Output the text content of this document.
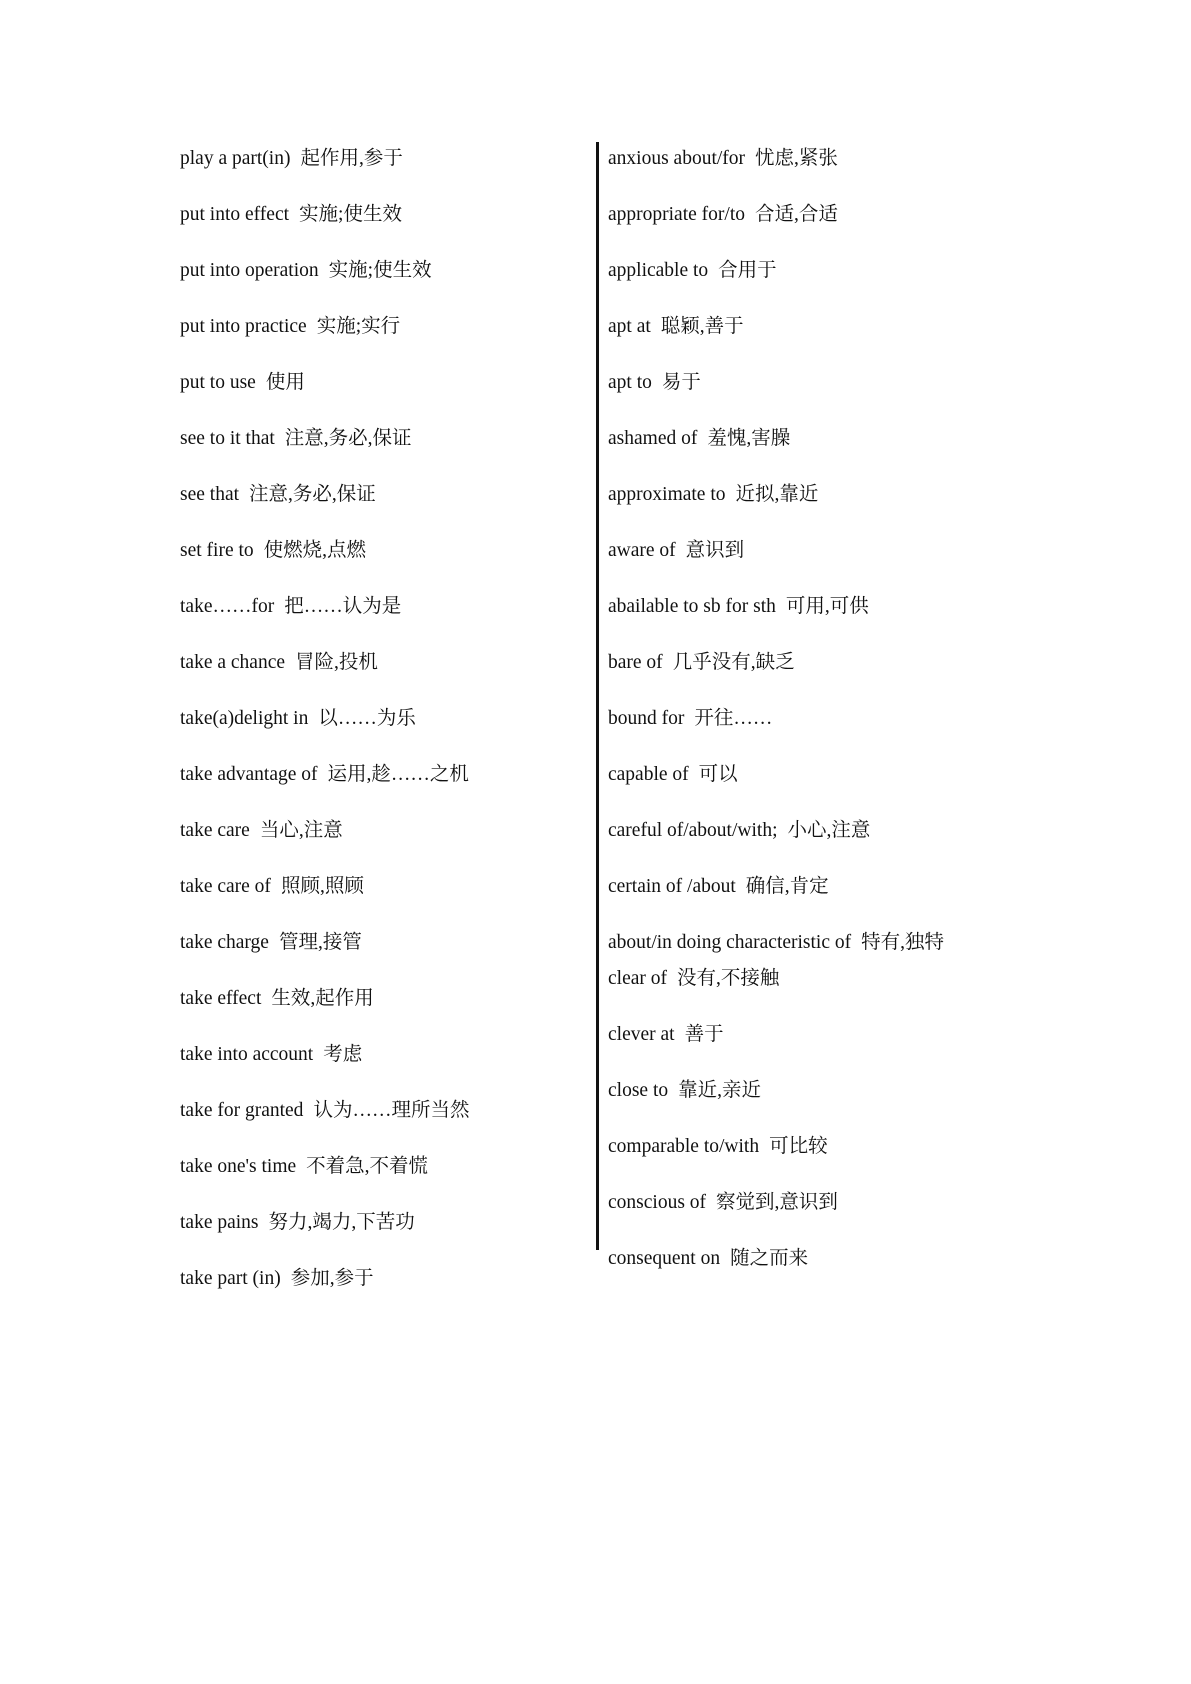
play a part(in) 起作用,参于
put into effect 实施;使生效
put into operation 实施;使生效
put into practice 实施;实行
put to use 使用
see to it that 注意,务必,保证
see that 注意,务必,保证
set fire to 使燃烧,点燃
take……for 把……认为是
take a chance 冒险,投机
take(a)delight in 以……为乐
take advantage of 运用,趁……之机
take care 当心,注意
take care of 照顾,照顾
take charge 管理,接管
take effect 生效,起作用
take into account 考虑
take for granted 认为……理所当然
take one's time 不着急,不着慌
take pains 努力,竭力,下苦功
take part (in) 参加,参于
anxious about/for 忧虑,紧张
appropriate for/to 合适,合适
applicable to 合用于
apt at 聪颖,善于
apt to 易于
ashamed of 羞愧,害臊
approximate to 近拟,靠近
aware of 意识到
abailable to sb for sth 可用,可供
bare of 几乎没有,缺乏
bound for 开往……
capable of 可以
careful of/about/with; 小心,注意
certain of /about 确信,肯定
about/in doing characteristic of 特有,独特
clear of 没有,不接触
clever at 善于
close to 靠近,亲近
comparable to/with 可比较
conscious of 察觉到,意识到
consequent on 随之而来
